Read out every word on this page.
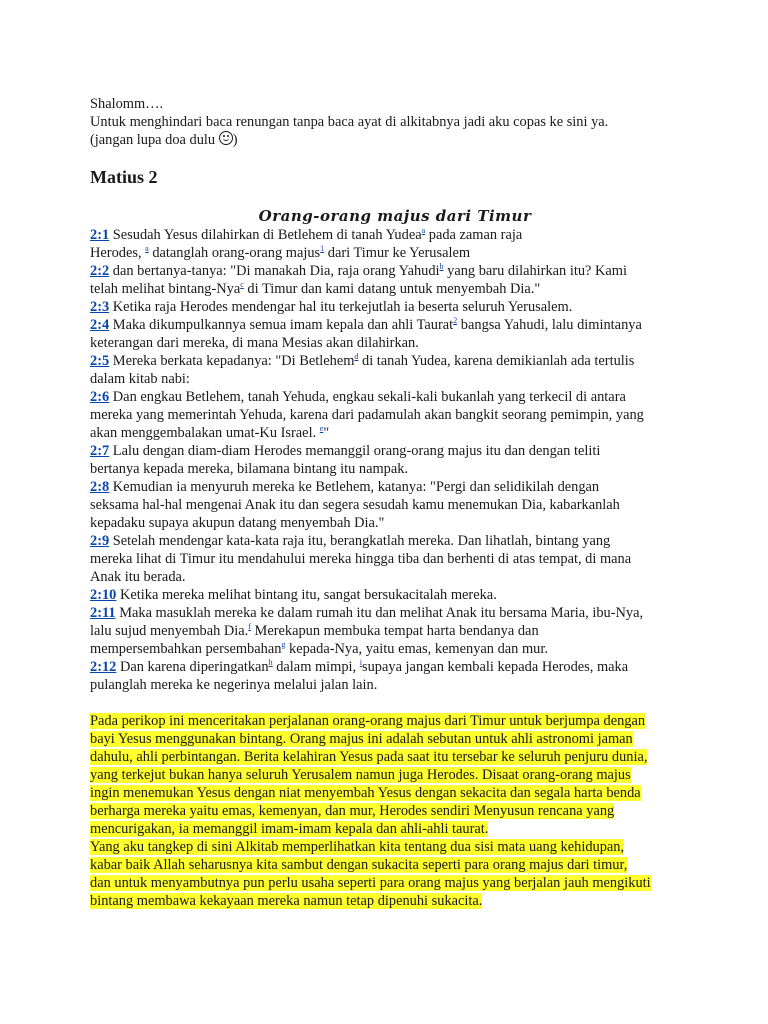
Shalomm….
Untuk menghindari baca renungan tanpa baca ayat di alkitabnya jadi aku copas ke sini ya.
(jangan lupa doa dulu )
Matius 2
Orang-orang majus dari Timur
2:1 Sesudah Yesus dilahirkan di Betlehem di tanah Yudea$^a$ pada zaman raja
Herodes, $^a$ datanglah orang-orang majus$^1$ dari Timur ke Yerusalem
2:2 dan bertanya-tanya: "Di manakah Dia, raja orang Yahudi$^b$ yang baru dilahirkan itu? Kami
telah melihat bintang-Nya$^c$ di Timur dan kami datang untuk menyembah Dia."
2:3 Ketika raja Herodes mendengar hal itu terkejutlah ia beserta seluruh Yerusalem.
2:4 Maka dikumpulkannya semua imam kepala dan ahli Taurat$^2$ bangsa Yahudi, lalu dimintanya
keterangan dari mereka, di mana Mesias akan dilahirkan.
2:5 Mereka berkata kepadanya: "Di Betlehem$^d$ di tanah Yudea, karena demikianlah ada tertulis
dalam kitab nabi:
2:6 Dan engkau Betlehem, tanah Yehuda, engkau sekali-kali bukanlah yang terkecil di antara
mereka yang memerintah Yehuda, karena dari padamulah akan bangkit seorang pemimpin, yang
akan menggembalakan umat-Ku Israel. $^e$"
2:7 Lalu dengan diam-diam Herodes memanggil orang-orang majus itu dan dengan teliti
bertanya kepada mereka, bilamana bintang itu nampak.
2:8 Kemudian ia menyuruh mereka ke Betlehem, katanya: "Pergi dan selidikilah dengan
seksama hal-hal mengenai Anak itu dan segera sesudah kamu menemukan Dia, kabarkanlah
kepadaku supaya akupun datang menyembah Dia."
2:9 Setelah mendengar kata-kata raja itu, berangkatlah mereka. Dan lihatlah, bintang yang
mereka lihat di Timur itu mendahului mereka hingga tiba dan berhenti di atas tempat, di mana
Anak itu berada.
2:10 Ketika mereka melihat bintang itu, sangat bersukacitalah mereka.
2:11 Maka masuklah mereka ke dalam rumah itu dan melihat Anak itu bersama Maria, ibu-Nya,
lalu sujud menyembah Dia.$^f$ Merekapun membuka tempat harta bendanya dan
mempersembahkan persembahan$^g$ kepada-Nya, yaitu emas, kemenyan dan mur.
2:12 Dan karena diperingatkan$^h$ dalam mimpi, $^i$supaya jangan kembali kepada Herodes, maka
pulanglah mereka ke negerinya melalui jalan lain.
Pada perikop ini menceritakan perjalanan orang-orang majus dari Timur untuk berjumpa dengan
bayi Yesus menggunakan bintang. Orang majus ini adalah sebutan untuk ahli astronomi jaman
dahulu, ahli perbintangan. Berita kelahiran Yesus pada saat itu tersebar ke seluruh penjuru dunia,
yang terkejut bukan hanya seluruh Yerusalem namun juga Herodes. Disaat orang-orang majus
ingin menemukan Yesus dengan niat menyembah Yesus dengan sekacita dan segala harta benda
berharga mereka yaitu emas, kemenyan, dan mur, Herodes sendiri Menyusun rencana yang
mencurigakan, ia memanggil imam-imam kepala dan ahli-ahli taurat.
Yang aku tangkep di sini Alkitab memperlihatkan kita tentang dua sisi mata uang kehidupan,
kabar baik Allah seharusnya kita sambut dengan sukacita seperti para orang majus dari timur,
dan untuk menyambutnya pun perlu usaha seperti para orang majus yang berjalan jauh mengikuti
bintang membawa kekayaan mereka namun tetap dipenuhi sukacita.
